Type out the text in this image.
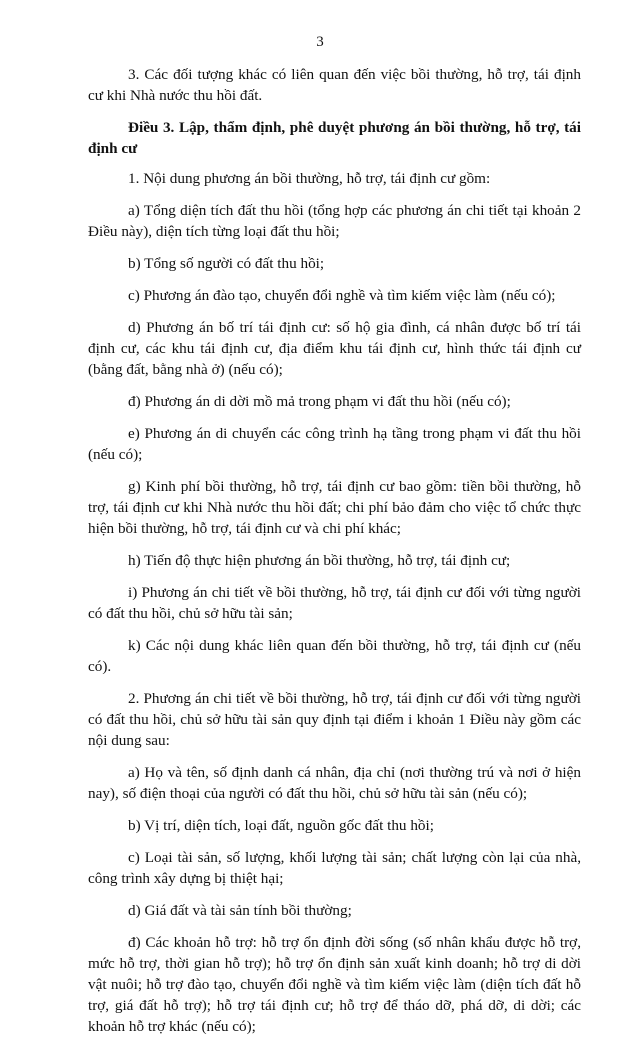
3

3. Các đối tượng khác có liên quan đến việc bồi thường, hỗ trợ, tái định cư khi Nhà nước thu hồi đất.

Điều 3. Lập, thẩm định, phê duyệt phương án bồi thường, hỗ trợ, tái định cư

1. Nội dung phương án bồi thường, hỗ trợ, tái định cư gồm:

a) Tổng diện tích đất thu hồi (tổng hợp các phương án chi tiết tại khoản 2 Điều này), diện tích từng loại đất thu hồi;

b) Tổng số người có đất thu hồi;

c) Phương án đào tạo, chuyển đổi nghề và tìm kiếm việc làm (nếu có);

d) Phương án bố trí tái định cư: số hộ gia đình, cá nhân được bố trí tái định cư, các khu tái định cư, địa điểm khu tái định cư, hình thức tái định cư (bằng đất, bằng nhà ở) (nếu có);

đ) Phương án di dời mồ mả trong phạm vi đất thu hồi (nếu có);

e) Phương án di chuyển các công trình hạ tầng trong phạm vi đất thu hồi (nếu có);

g) Kinh phí bồi thường, hỗ trợ, tái định cư bao gồm: tiền bồi thường, hỗ trợ, tái định cư khi Nhà nước thu hồi đất; chi phí bảo đảm cho việc tổ chức thực hiện bồi thường, hỗ trợ, tái định cư và chi phí khác;

h) Tiến độ thực hiện phương án bồi thường, hỗ trợ, tái định cư;

i) Phương án chi tiết về bồi thường, hỗ trợ, tái định cư đối với từng người có đất thu hồi, chủ sở hữu tài sản;

k) Các nội dung khác liên quan đến bồi thường, hỗ trợ, tái định cư (nếu có).

2. Phương án chi tiết về bồi thường, hỗ trợ, tái định cư đối với từng người có đất thu hồi, chủ sở hữu tài sản quy định tại điểm i khoản 1 Điều này gồm các nội dung sau:

a) Họ và tên, số định danh cá nhân, địa chỉ (nơi thường trú và nơi ở hiện nay), số điện thoại của người có đất thu hồi, chủ sở hữu tài sản (nếu có);

b) Vị trí, diện tích, loại đất, nguồn gốc đất thu hồi;

c) Loại tài sản, số lượng, khối lượng tài sản; chất lượng còn lại của nhà, công trình xây dựng bị thiệt hại;

d) Giá đất và tài sản tính bồi thường;

đ) Các khoản hỗ trợ: hỗ trợ ổn định đời sống (số nhân khẩu được hỗ trợ, mức hỗ trợ, thời gian hỗ trợ); hỗ trợ ổn định sản xuất kinh doanh; hỗ trợ di dời vật nuôi; hỗ trợ đào tạo, chuyển đổi nghề và tìm kiếm việc làm (diện tích đất hỗ trợ, giá đất hỗ trợ); hỗ trợ tái định cư; hỗ trợ để tháo dỡ, phá dỡ, di dời; các khoản hỗ trợ khác (nếu có);
